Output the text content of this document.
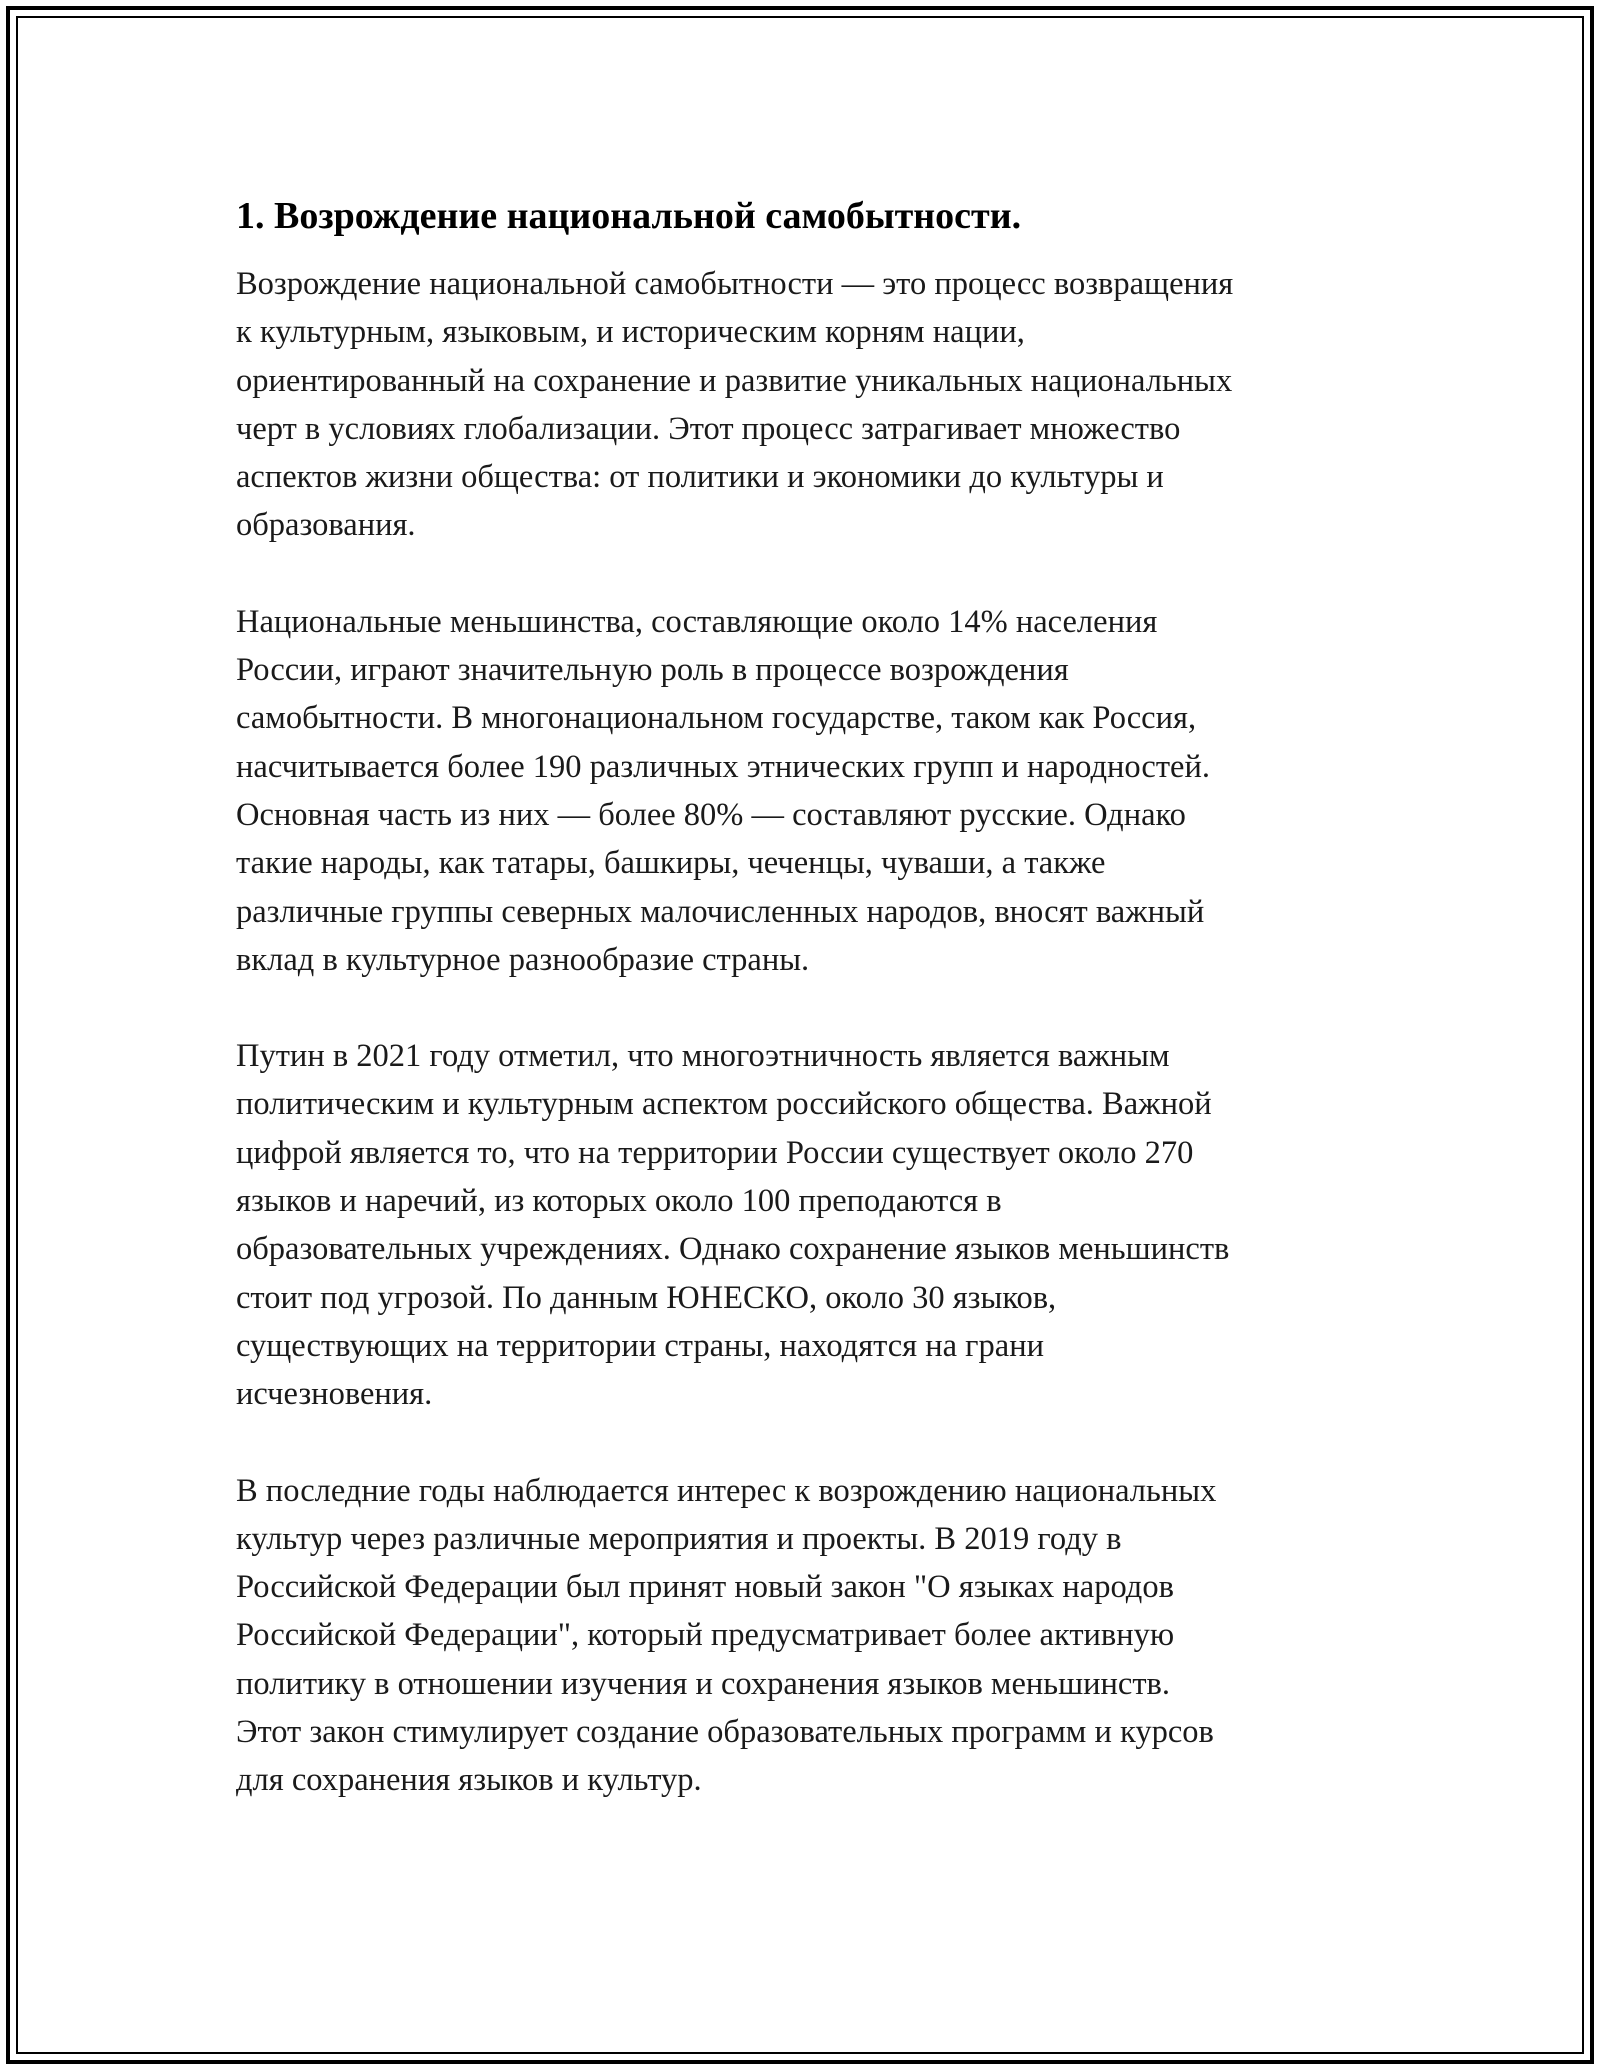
1. Возрождение национальной самобытности.

Возрождение национальной самобытности — это процесс возвращения
к культурным, языковым, и историческим корням нации,
ориентированный на сохранение и развитие уникальных национальных
черт в условиях глобализации. Этот процесс затрагивает множество
аспектов жизни общества: от политики и экономики до культуры и
образования.

Национальные меньшинства, составляющие около 14% населения
России, играют значительную роль в процессе возрождения
самобытности. В многонациональном государстве, таком как Россия,
насчитывается более 190 различных этнических групп и народностей.
Основная часть из них — более 80% — составляют русские. Однако
такие народы, как татары, башкиры, чеченцы, чуваши, а также
различные группы северных малочисленных народов, вносят важный
вклад в культурное разнообразие страны.

Путин в 2021 году отметил, что многоэтничность является важным
политическим и культурным аспектом российского общества. Важной
цифрой является то, что на территории России существует около 270
языков и наречий, из которых около 100 преподаются в
образовательных учреждениях. Однако сохранение языков меньшинств
стоит под угрозой. По данным ЮНЕСКО, около 30 языков,
существующих на территории страны, находятся на грани
исчезновения.

В последние годы наблюдается интерес к возрождению национальных
культур через различные мероприятия и проекты. В 2019 году в
Российской Федерации был принят новый закон "О языках народов
Российской Федерации", который предусматривает более активную
политику в отношении изучения и сохранения языков меньшинств.
Этот закон стимулирует создание образовательных программ и курсов
для сохранения языков и культур.
